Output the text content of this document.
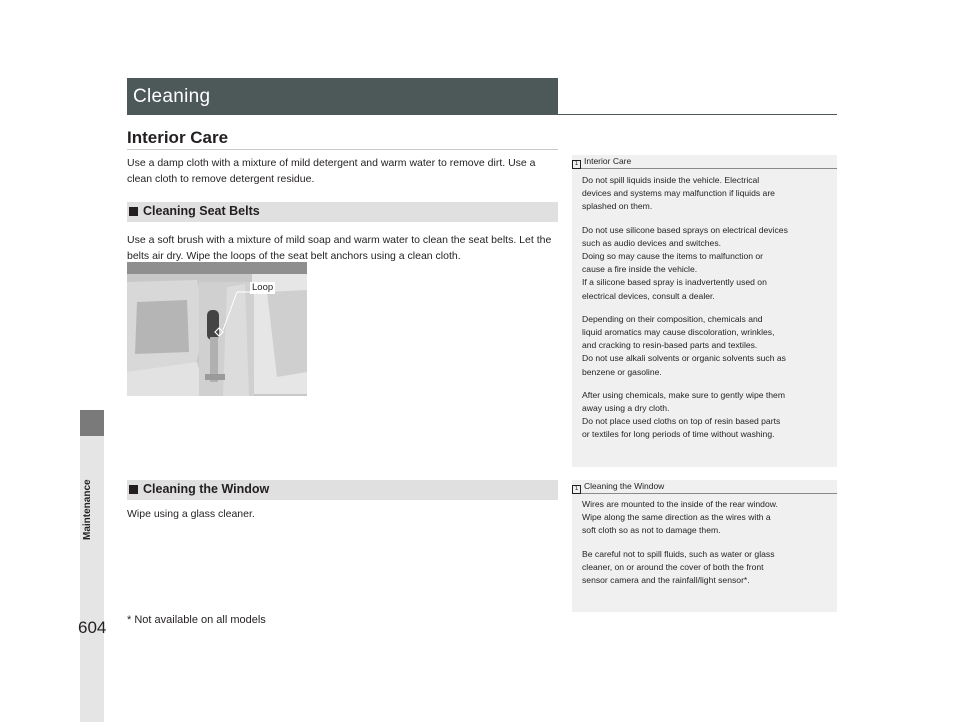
Maintenance
604 * Not available on all models
Cleaning
Interior Care
Use a damp cloth with a mixture of mild detergent and warm water to remove dirt. Use a clean cloth to remove detergent residue.
Cleaning Seat Belts
Use a soft brush with a mixture of mild soap and warm water to clean the seat belts. Let the belts air dry. Wipe the loops of the seat belt anchors using a clean cloth.
Loop
Cleaning the Window
Wipe using a glass cleaner.
1 Interior Care

Do not spill liquids inside the vehicle. Electrical
devices and systems may malfunction if liquids are
splashed on them.

Do not use silicone based sprays on electrical devices
such as audio devices and switches.
Doing so may cause the items to malfunction or
cause a fire inside the vehicle.
If a silicone based spray is inadvertently used on
electrical devices, consult a dealer.

Depending on their composition, chemicals and
liquid aromatics may cause discoloration, wrinkles,
and cracking to resin-based parts and textiles.
Do not use alkali solvents or organic solvents such as
benzene or gasoline.

After using chemicals, make sure to gently wipe them
away using a dry cloth.
Do not place used cloths on top of resin based parts
or textiles for long periods of time without washing.

1 Cleaning the Window

Wires are mounted to the inside of the rear window.
Wipe along the same direction as the wires with a
soft cloth so as not to damage them.

Be careful not to spill fluids, such as water or glass
cleaner, on or around the cover of both the front
sensor camera and the rainfall/light sensor*.
